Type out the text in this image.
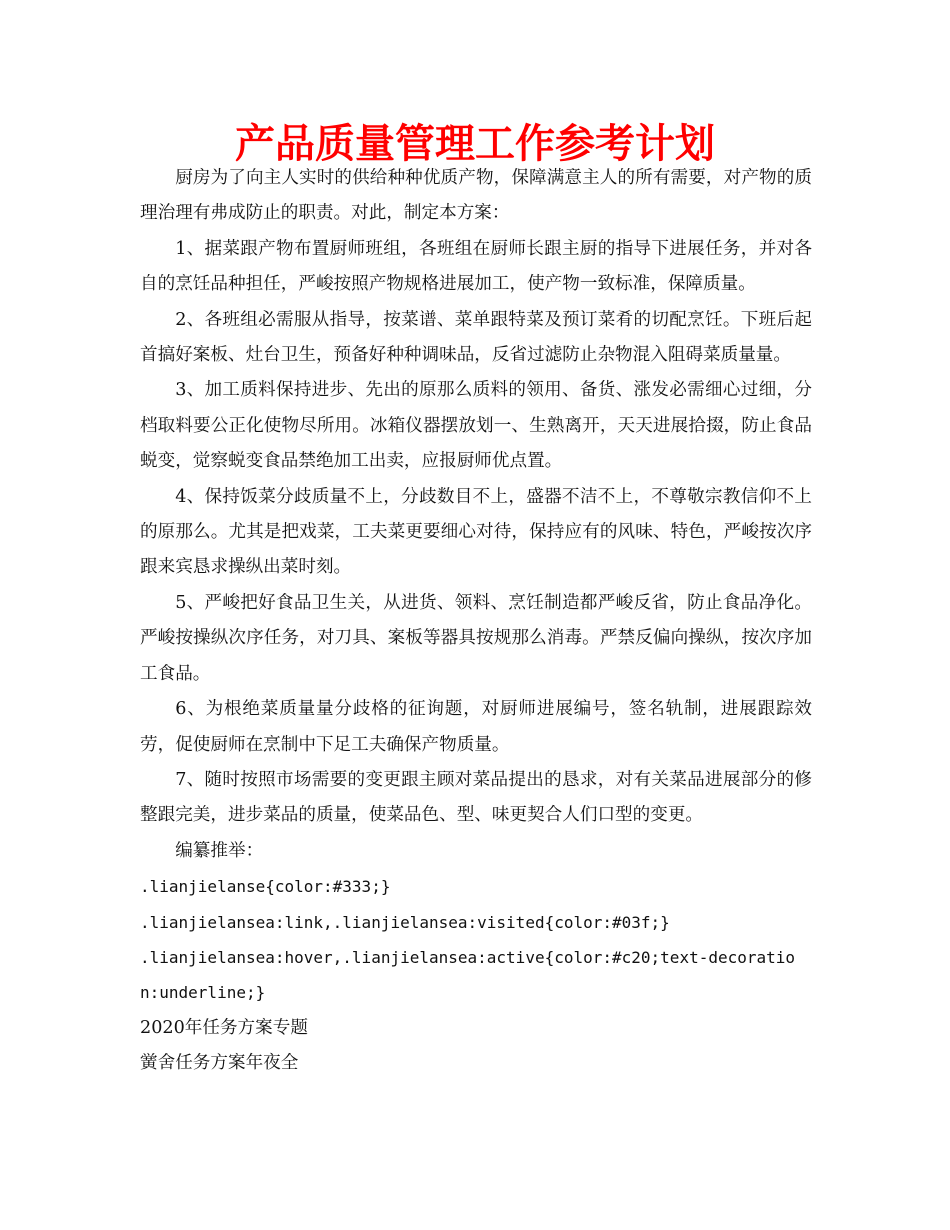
产品质量管理工作参考计划

厨房为了向主人实时的供给种种优质产物，保障满意主人的所有需要，对产物的质理治理有弗成防止的职责。对此，制定本方案：

1、据菜跟产物布置厨师班组，各班组在厨师长跟主厨的指导下进展任务，并对各自的烹饪品种担任，严峻按照产物规格进展加工，使产物一致标准，保障质量。

2、各班组必需服从指导，按菜谱、菜单跟特菜及预订菜肴的切配烹饪。下班后起首搞好案板、灶台卫生，预备好种种调味品，反省过滤防止杂物混入阻碍菜质量量。

3、加工质料保持进步、先出的原那么质料的领用、备货、涨发必需细心过细，分档取料要公正化使物尽所用。冰箱仪器摆放划一、生熟离开，天天进展拾掇，防止食品蜕变，觉察蜕变食品禁绝加工出卖，应报厨师优点置。

4、保持饭菜分歧质量不上，分歧数目不上，盛器不洁不上，不尊敬宗教信仰不上的原那么。尤其是把戏菜，工夫菜更要细心对待，保持应有的风味、特色，严峻按次序跟来宾恳求操纵出菜时刻。

5、严峻把好食品卫生关，从进货、领料、烹饪制造都严峻反省，防止食品净化。严峻按操纵次序任务，对刀具、案板等器具按规那么消毒。严禁反偏向操纵，按次序加工食品。

6、为根绝菜质量量分歧格的征询题，对厨师进展编号，签名轨制，进展跟踪效劳，促使厨师在烹制中下足工夫确保产物质量。

7、随时按照市场需要的变更跟主顾对菜品提出的恳求，对有关菜品进展部分的修整跟完美，进步菜品的质量，使菜品色、型、味更契合人们口型的变更。

编纂推举：

.lianjielanse{color:#333;}

.lianjielansea:link,.lianjielansea:visited{color:#03f;}

.lianjielansea:hover,.lianjielansea:active{color:#c20;text-decoration:underline;}

2020年任务方案专题

黉舍任务方案年夜全
